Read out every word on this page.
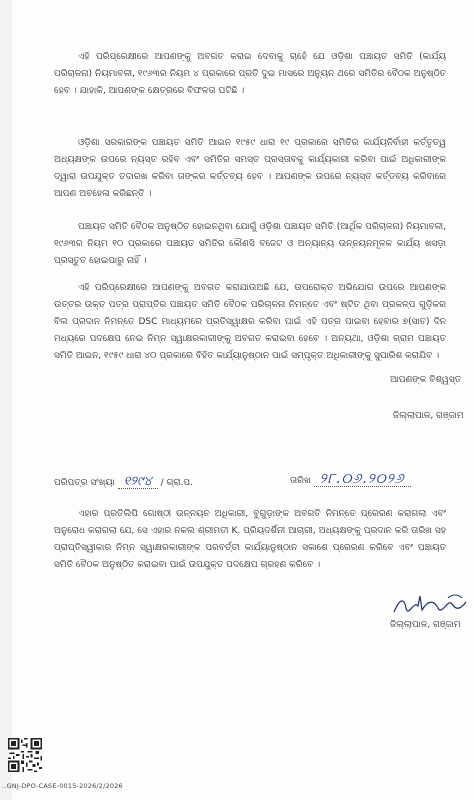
ଏହି ପରିପ୍ରେକ୍ଷୀରେ ଆପଣଙ୍କୁ ଅବଗତ କରାଇ ଦେବାକୁ ଚାହେଁ ଯେ ଓଡ଼ିଶା ପଞ୍ଚାୟତ ସମିତି (କାର୍ଯ୍ୟ ପରିଚାଳନା) ନିୟମାବଳୀ, ୧୯୬୩ର ନିୟମ ୪ ପ୍ରକାରେ ପ୍ରତି ଦୁଇ ମାସରେ ଅନ୍ୟୁନ ଥରେ ସମିତିର ବୈଠକ ଅନୁଷ୍ଠିତ ହେବ । ଯାହାକି, ଆପଣଙ୍କ କ୍ଷେତ୍ରରେ ବିଫଳତା ଘଟିଛି ।

ଓଡ଼ିଶା ସରକାରଙ୍କ ପଞ୍ଚାୟତ ସମିତି ଆଇନ ୧୯୫୯ ଧାରା ୧୯ ପ୍ରକାରେ ସମିତିର କାର୍ଯ୍ୟନିର୍ବାହୀ କର୍ତ୍ତୃତ୍ୱ ଅଧ୍ୟକ୍ଷଙ୍କ ଉପରେ ନ୍ୟସ୍ତ ରହିବ ଏବଂ ସମିତିର ସମସ୍ତ ପ୍ରସ୍ତାବକୁ କାର୍ଯ୍ୟକାରୀ କରିବା ପାଇଁ ଅଧିକାରୀଙ୍କ ଦ୍ୱାରା ଉପଯୁକ୍ତ ତଦାରଖ କରିବା ତାଙ୍କର କର୍ତ୍ତବ୍ୟ ହେବ । ଆପଣଙ୍କ ଉପରେ ନ୍ୟସ୍ତ କର୍ତ୍ତବ୍ୟ କରିବାରେ ଆପଣ ଅବହେଳା କରିଛନ୍ତି ।

ପଞ୍ଚାୟତ ସମିତି ବୈଠକ ଅନୁଷ୍ଠିତ ହୋଇନଥିବା ଯୋଗୁଁ ଓଡ଼ିଶା ପଞ୍ଚାୟତ ସମିତି (ଆର୍ଥିକ ପରିଚାଳନା) ନିୟମାବଳୀ, ୧୯୬୩ର ନିୟମ ୧୦ ପ୍ରକାରେ ପଞ୍ଚାୟତ ସମିତିର କୌଣସି ବଜେଟ ଓ ଅନ୍ୟାନ୍ୟ ଉନ୍ନୟନମୂଳକ କାର୍ଯ୍ୟ ଖସଡ଼ା ପ୍ରସ୍ତୁତ ହୋଇପାରୁ ନାହିଁ ।

ଏହି ପରିପ୍ରେକ୍ଷୀରେ ଆପଣଙ୍କୁ ଅବଗତ କରାଯାଉଅଛି ଯେ, ଉପରୋକ୍ତ ଅଭିଯୋଗ ଉପରେ ଆପଣଙ୍କ ଉତ୍ତର ଉକ୍ତ ପତ୍ର ପ୍ରାପ୍ତିର ପଞ୍ଚାୟତ ସମିତି ବୈଠକ ପରିଚାଳନା ନିମନ୍ତେ ଏବଂ ଷ୍ଟିତ ଥିବା ପ୍ରକଳ୍ପ ଗୁଡ଼ିକର ବିଲ ପ୍ରଦାନ ନିମନ୍ତେ DSC ମାଧ୍ୟମରେ ପ୍ରତିସ୍ୱାକ୍ଷର କରିବା ପାଇଁ ଏହି ପତ୍ର ପାଇବା ହେବାର ୭(ସାତ) ଦିନ ମଧ୍ୟରେ ପଦକ୍ଷେପ ନେଇ ନିମ୍ନ ସ୍ୱାକ୍ଷରକାରୀଙ୍କୁ ଅବଗତ କରାଇବା ହେବେ । ଅନ୍ୟଥା, ଓଡ଼ିଶା ଗ୍ରାମ ପଞ୍ଚାୟତ ସମିତି ଆଇନ, ୧୯୫୯ ଧାରା ୪୦ ପ୍ରକାରେ ବିହିତ କାର୍ଯ୍ୟାନୁଷ୍ଠାନ ପାଇଁ ସମ୍ପୃକ୍ତ ଅଧିକାରୀଙ୍କୁ ସୁପାରିଶ କରାଯିବ ।

ଆପଣଙ୍କ ବିଶ୍ୱସ୍ତ
ଜିଲ୍ଲାପାଳ, ଗଞ୍ଜାମ
ପରିପତ୍ର ସଂଖ୍ୟା ୧୨୯୪ / ଗ୍ରା.ପ.	ତାରିଖ ୨୮.୦୬.୨୦୨୬

ଏହାର ପ୍ରତିଲିପି ଗୋଷ୍ଠୀ ଉନ୍ନୟନ ଅଧିକାରୀ, ବୁଗୁଡ଼ାଙ୍କ ଅବଗତି ନିମନ୍ତେ ପ୍ରେରଣ କରାଗଲା ଏବଂ ଅନୁରୋଧ କରାଗଲା ଯେ, ସେ ଏହାର ନକଲ ଶ୍ରୀମତୀ K. ପ୍ରିୟଦର୍ଶିନୀ ଆଚାରୀ, ଅଧ୍ୟକ୍ଷଙ୍କୁ ପ୍ରଦାନ କରି ତାରିଖ ସହ ପ୍ରାପ୍ତିସ୍ୱୀକାର ନିମ୍ନ ସ୍ୱାକ୍ଷରକାରୀଙ୍କ ପରବର୍ତ୍ତୀ କାର୍ଯ୍ୟାନୁଷ୍ଠାନ ସକାଶେ ପ୍ରେରଣ କରିବେ ଏବଂ ପଞ୍ଚାୟତ ସମିତି ବୈଠକ ଅନୁଷ୍ଠିତ କରାଇବା ପାଇଁ ଉପଯୁକ୍ତ ପଦକ୍ଷେପ ଗ୍ରହଣ କରିବେ ।

ଜିଲ୍ଲାପାଳ, ଗଞ୍ଜାମ
..GNJ-DPO-CASE-0015-2026/2/2026
